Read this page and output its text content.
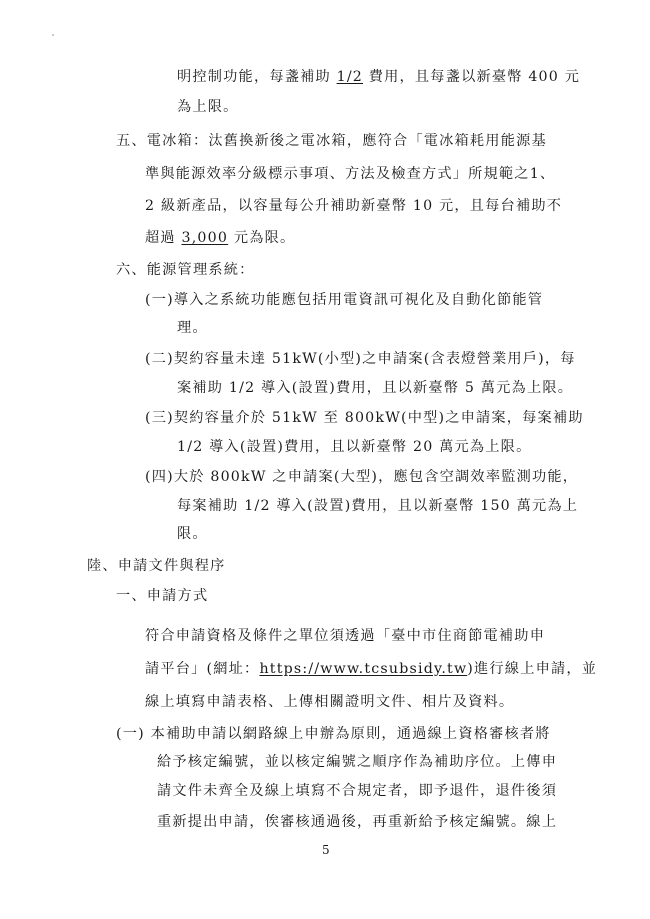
明控制功能，每盞補助 1/2 費用，且每盞以新臺幣 400 元
為上限。
五、電冰箱：汰舊換新後之電冰箱，應符合「電冰箱耗用能源基
準與能源效率分級標示事項、方法及檢查方式」所規範之1、
2 級新產品，以容量每公升補助新臺幣 10 元，且每台補助不
超過 3,000 元為限。
六、能源管理系統：
(一)導入之系統功能應包括用電資訊可視化及自動化節能管
理。
(二)契約容量未達 51kW(小型)之申請案(含表燈營業用戶)，每
案補助 1/2 導入(設置)費用，且以新臺幣 5 萬元為上限。
(三)契約容量介於 51kW 至 800kW(中型)之申請案，每案補助
1/2 導入(設置)費用，且以新臺幣 20 萬元為上限。
(四)大於 800kW 之申請案(大型)，應包含空調效率監測功能，
每案補助 1/2 導入(設置)費用，且以新臺幣 150 萬元為上
限。
陸、申請文件與程序
一、申請方式
符合申請資格及條件之單位須透過「臺中市住商節電補助申
請平台」(網址：https://www.tcsubsidy.tw)進行線上申請，並
線上填寫申請表格、上傳相關證明文件、相片及資料。
(一) 本補助申請以網路線上申辦為原則，通過線上資格審核者將
給予核定編號，並以核定編號之順序作為補助序位。上傳申
請文件未齊全及線上填寫不合規定者，即予退件，退件後須
重新提出申請，俟審核通過後，再重新給予核定編號。線上
5
